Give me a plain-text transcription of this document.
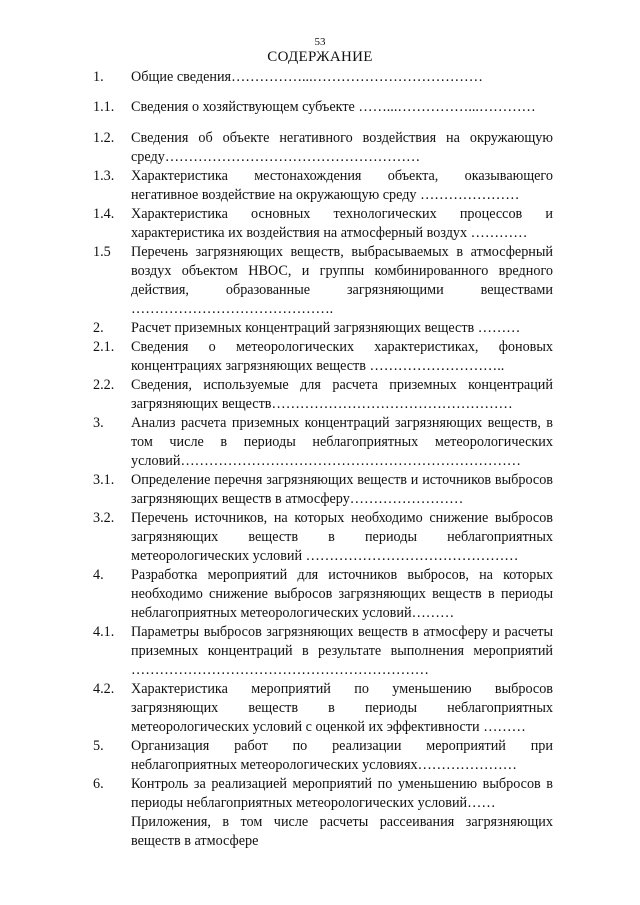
53
СОДЕРЖАНИЕ
1.	Общие сведения……………...………………………………
1.1.	Сведения о хозяйствующем субъекте ……...……………...…………
1.2.	Сведения об объекте негативного воздействия на окружающую среду………………………………………………
1.3.	Характеристика местонахождения объекта, оказывающего негативное воздействие на окружающую среду …………………
1.4.	Характеристика основных технологических процессов и характеристика их воздействия на атмосферный воздух …………
1.5	Перечень загрязняющих веществ, выбрасываемых в атмосферный воздух объектом НВОС, и группы комбинированного вредного действия, образованные загрязняющими веществами …………………………………….
2.	Расчет приземных концентраций загрязняющих веществ ………
2.1.	Сведения о метеорологических характеристиках, фоновых концентрациях загрязняющих веществ ………………………..
2.2.	Сведения, используемые для расчета приземных концентраций загрязняющих веществ……………………………………………
3.	Анализ расчета приземных концентраций загрязняющих веществ, в том числе в периоды неблагоприятных метеорологических условий………………………………………………………………
3.1.	Определение перечня загрязняющих веществ и источников выбросов загрязняющих веществ в атмосферу……………………
3.2.	Перечень источников, на которых необходимо снижение выбросов загрязняющих веществ в периоды неблагоприятных метеорологических условий ………………………………………
4.	Разработка мероприятий для источников выбросов, на которых необходимо снижение выбросов загрязняющих веществ в периоды неблагоприятных метеорологических условий………
4.1.	Параметры выбросов загрязняющих веществ в атмосферу и расчеты приземных концентраций в результате выполнения мероприятий ………………………………………………………
4.2.	Характеристика мероприятий по уменьшению выбросов загрязняющих веществ в периоды неблагоприятных метеорологических условий с оценкой их эффективности ………
5.	Организация работ по реализации мероприятий при неблагоприятных метеорологических условиях…………………
6.	Контроль за реализацией мероприятий по уменьшению выбросов в периоды неблагоприятных метеорологических условий……
Приложения, в том числе расчеты рассеивания загрязняющих веществ в атмосфере
